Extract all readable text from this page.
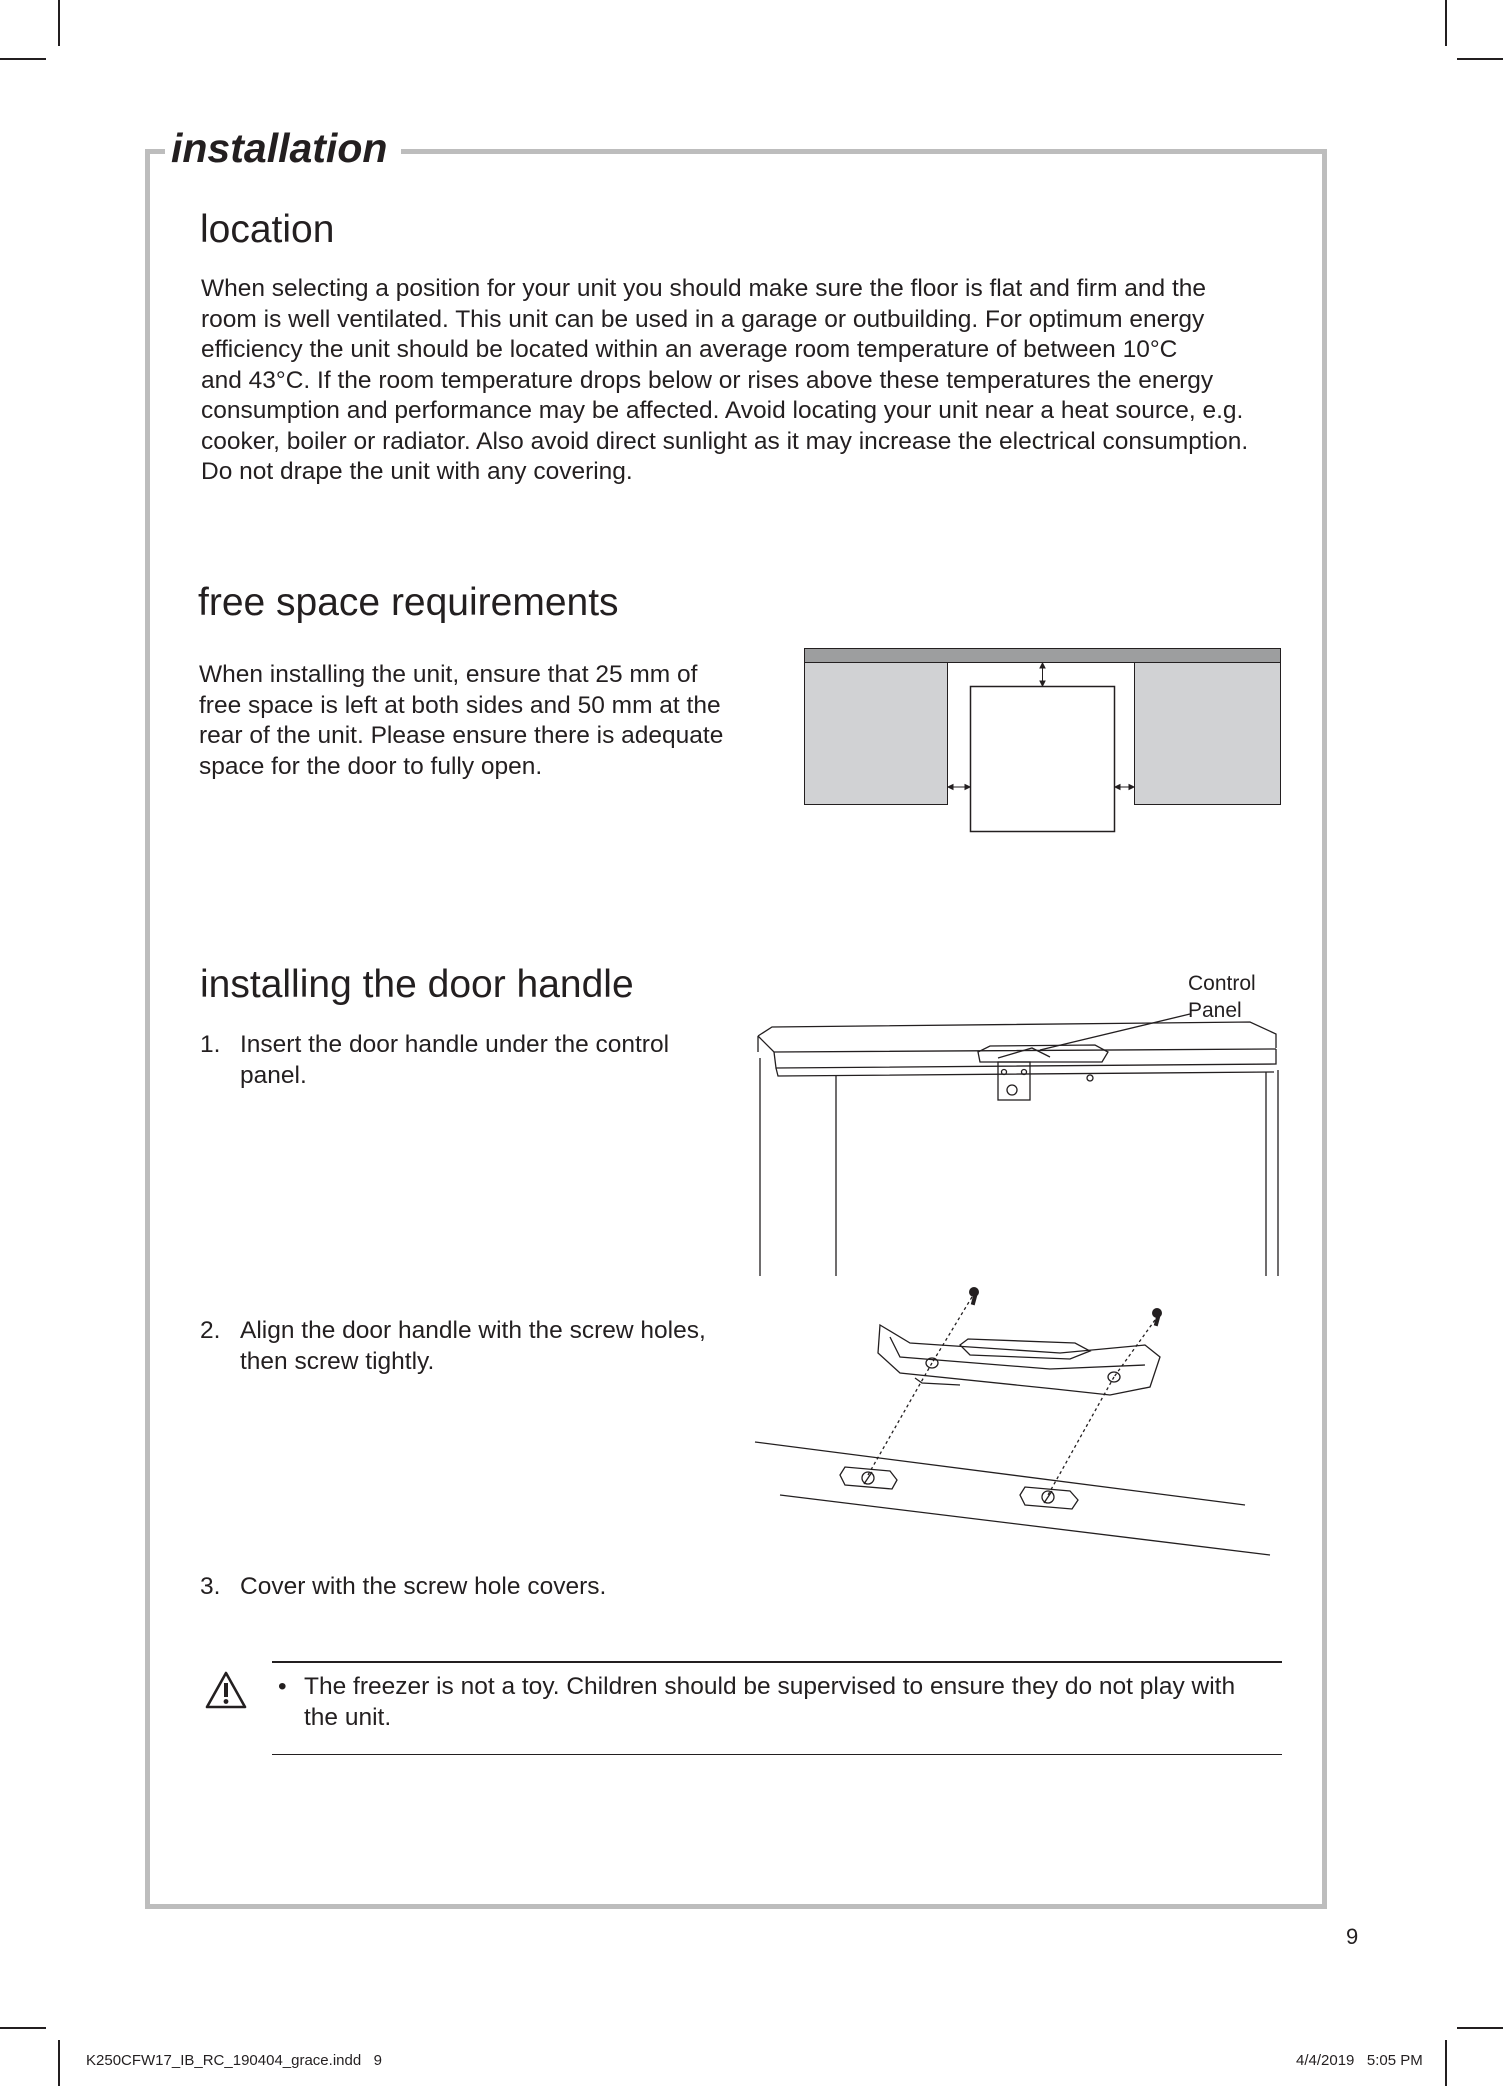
installation
location
When selecting a position for your unit you should make sure the floor is flat and firm and the
room is well ventilated. This unit can be used in a garage or outbuilding. For optimum energy
efficiency the unit should be located within an average room temperature of between 10°C
and 43°C. If the room temperature drops below or rises above these temperatures the energy
consumption and performance may be affected. Avoid locating your unit near a heat source, e.g.
cooker, boiler or radiator. Also avoid direct sunlight as it may increase the electrical consumption.
Do not drape the unit with any covering.
free space requirements
When installing the unit, ensure that 25 mm of
free space is left at both sides and 50 mm at the
rear of the unit. Please ensure there is adequate
space for the door to fully open.
installing the door handle
1. Insert the door handle under the control
panel.
2. Align the door handle with the screw holes,
then screw tightly.
3. Cover with the screw hole covers.
Control
Panel
• The freezer is not a toy. Children should be supervised to ensure they do not play with
the unit.
9
K250CFW17_IB_RC_190404_grace.indd   9	4/4/2019   5:05 PM
